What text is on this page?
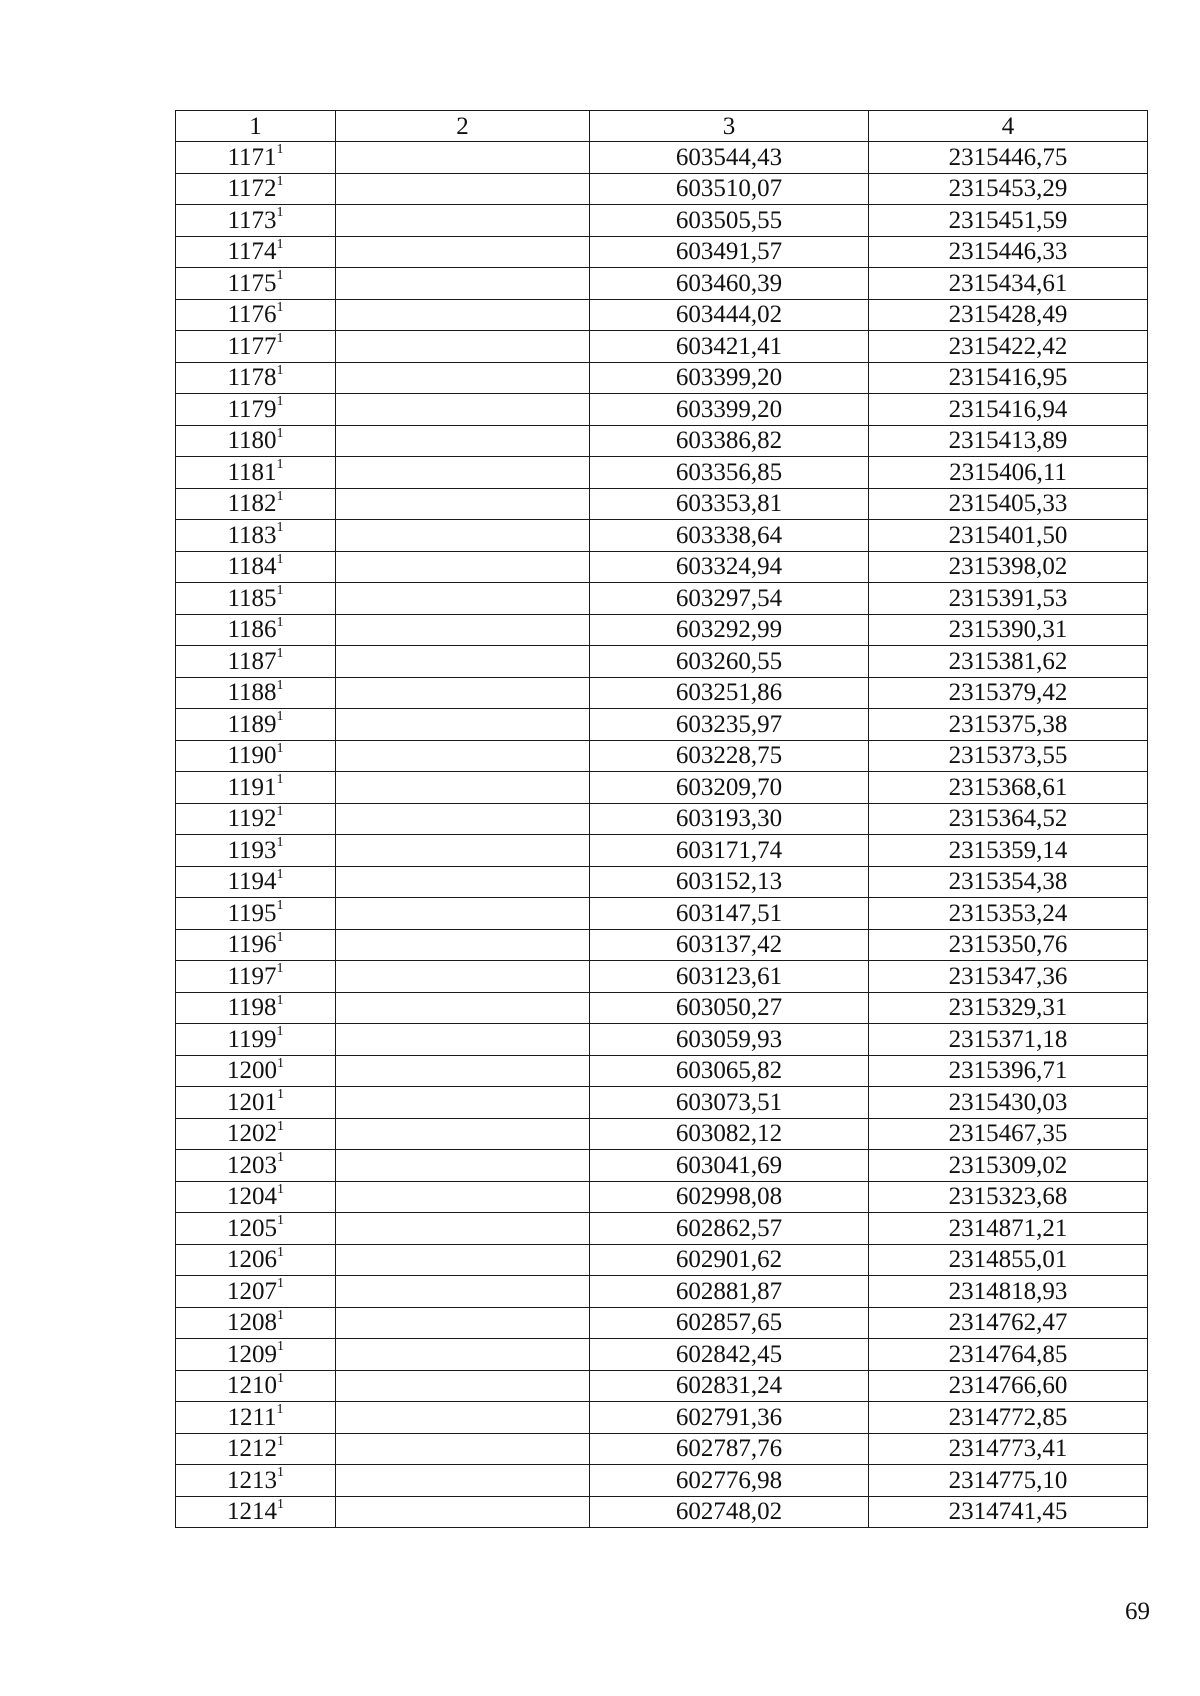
1	2	3	4
1171$^1$		603544,43	2315446,75
1172$^1$		603510,07	2315453,29
1173$^1$		603505,55	2315451,59
1174$^1$		603491,57	2315446,33
1175$^1$		603460,39	2315434,61
1176$^1$		603444,02	2315428,49
1177$^1$		603421,41	2315422,42
1178$^1$		603399,20	2315416,95
1179$^1$		603399,20	2315416,94
1180$^1$		603386,82	2315413,89
1181$^1$		603356,85	2315406,11
1182$^1$		603353,81	2315405,33
1183$^1$		603338,64	2315401,50
1184$^1$		603324,94	2315398,02
1185$^1$		603297,54	2315391,53
1186$^1$		603292,99	2315390,31
1187$^1$		603260,55	2315381,62
1188$^1$		603251,86	2315379,42
1189$^1$		603235,97	2315375,38
1190$^1$		603228,75	2315373,55
1191$^1$		603209,70	2315368,61
1192$^1$		603193,30	2315364,52
1193$^1$		603171,74	2315359,14
1194$^1$		603152,13	2315354,38
1195$^1$		603147,51	2315353,24
1196$^1$		603137,42	2315350,76
1197$^1$		603123,61	2315347,36
1198$^1$		603050,27	2315329,31
1199$^1$		603059,93	2315371,18
1200$^1$		603065,82	2315396,71
1201$^1$		603073,51	2315430,03
1202$^1$		603082,12	2315467,35
1203$^1$		603041,69	2315309,02
1204$^1$		602998,08	2315323,68
1205$^1$		602862,57	2314871,21
1206$^1$		602901,62	2314855,01
1207$^1$		602881,87	2314818,93
1208$^1$		602857,65	2314762,47
1209$^1$		602842,45	2314764,85
1210$^1$		602831,24	2314766,60
1211$^1$		602791,36	2314772,85
1212$^1$		602787,76	2314773,41
1213$^1$		602776,98	2314775,10
1214$^1$		602748,02	2314741,45
69
